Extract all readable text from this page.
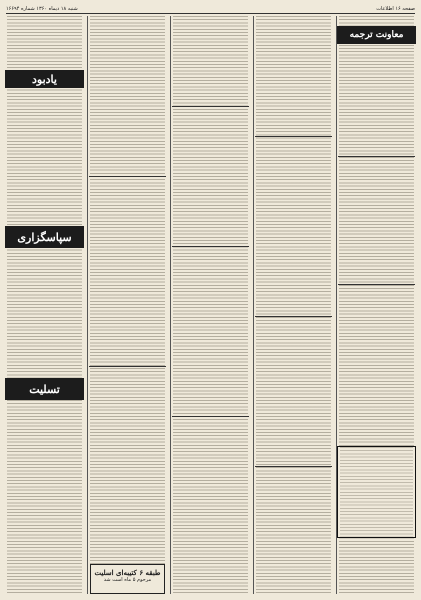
صفحه ۱۶ اطلاعات
شنبه ۱۸ دیماه ۱۳۶۰ شماره ۱۶۶۹۴
معاونت ترجمه
طبقه ۶ کتیبه‌ای اسلیت
مرحوم ۵ ماه است شد
یادبود
سپاسگزاری
تسلیت
